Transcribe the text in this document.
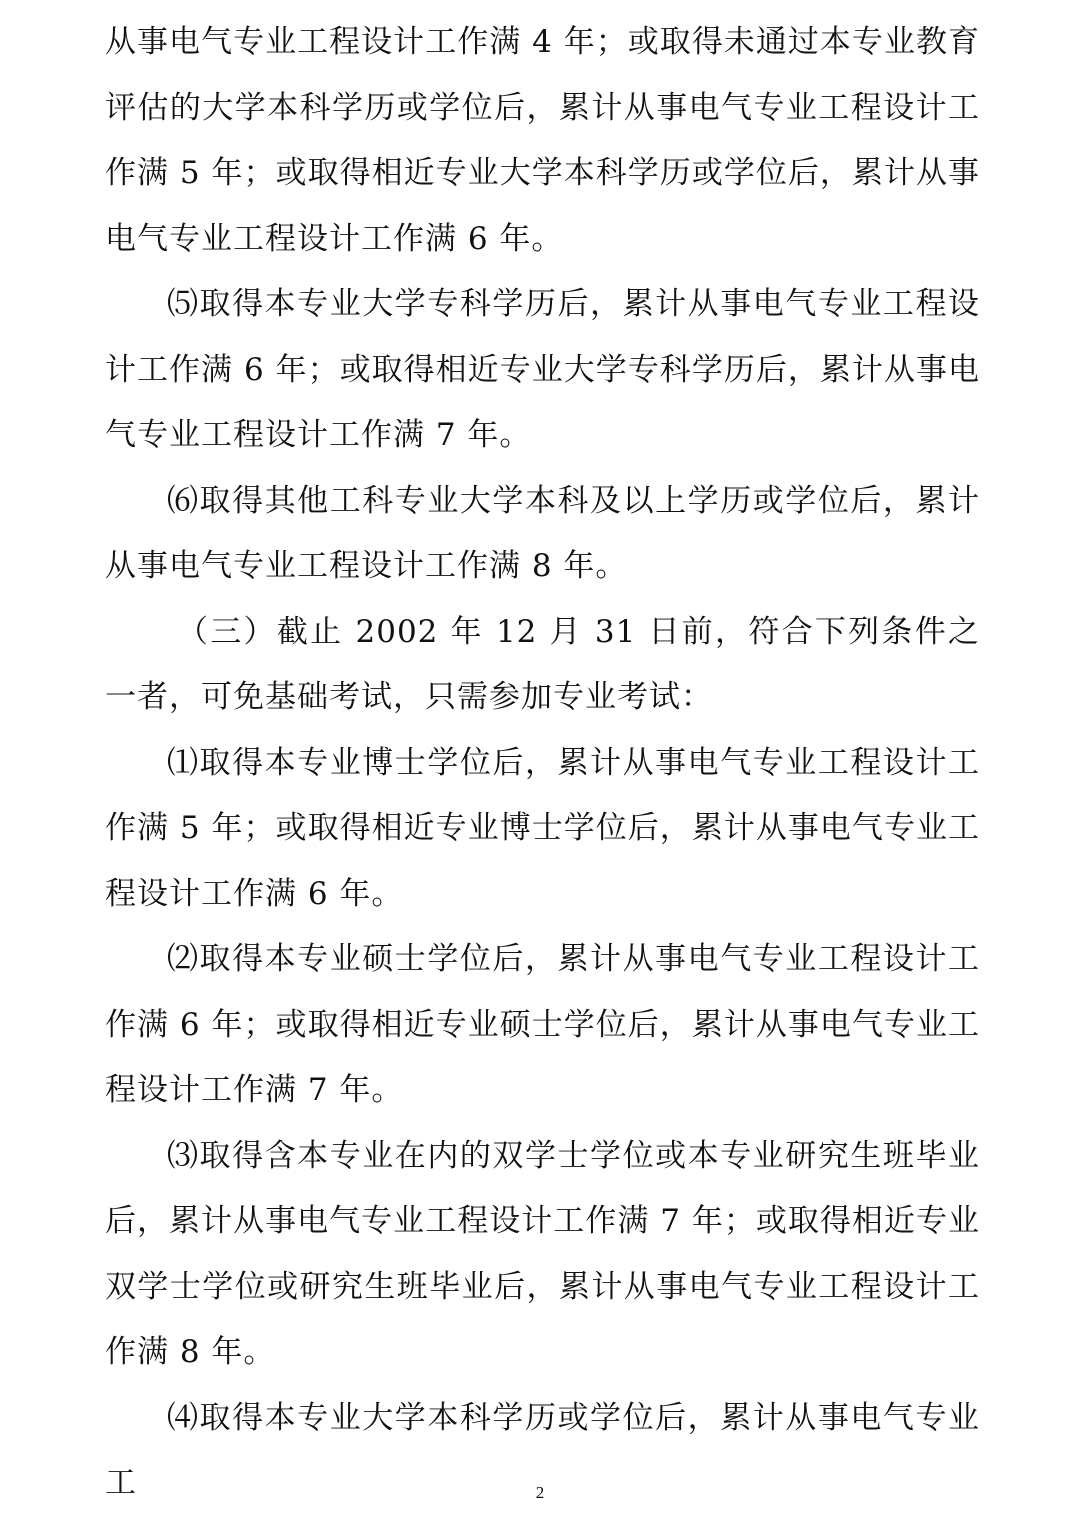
从事电气专业工程设计工作满 4 年；或取得未通过本专业教育评估的大学本科学历或学位后，累计从事电气专业工程设计工作满 5 年；或取得相近专业大学本科学历或学位后，累计从事电气专业工程设计工作满 6 年。

⑸取得本专业大学专科学历后，累计从事电气专业工程设计工作满 6 年；或取得相近专业大学专科学历后，累计从事电气专业工程设计工作满 7 年。

⑹取得其他工科专业大学本科及以上学历或学位后，累计从事电气专业工程设计工作满 8 年。

（三）截止 2002 年 12 月 31 日前，符合下列条件之一者，可免基础考试，只需参加专业考试：

⑴取得本专业博士学位后，累计从事电气专业工程设计工作满 5 年；或取得相近专业博士学位后，累计从事电气专业工程设计工作满 6 年。

⑵取得本专业硕士学位后，累计从事电气专业工程设计工作满 6 年；或取得相近专业硕士学位后，累计从事电气专业工程设计工作满 7 年。

⑶取得含本专业在内的双学士学位或本专业研究生班毕业后，累计从事电气专业工程设计工作满 7 年；或取得相近专业双学士学位或研究生班毕业后，累计从事电气专业工程设计工作满 8 年。

⑷取得本专业大学本科学历或学位后，累计从事电气专业工	2
